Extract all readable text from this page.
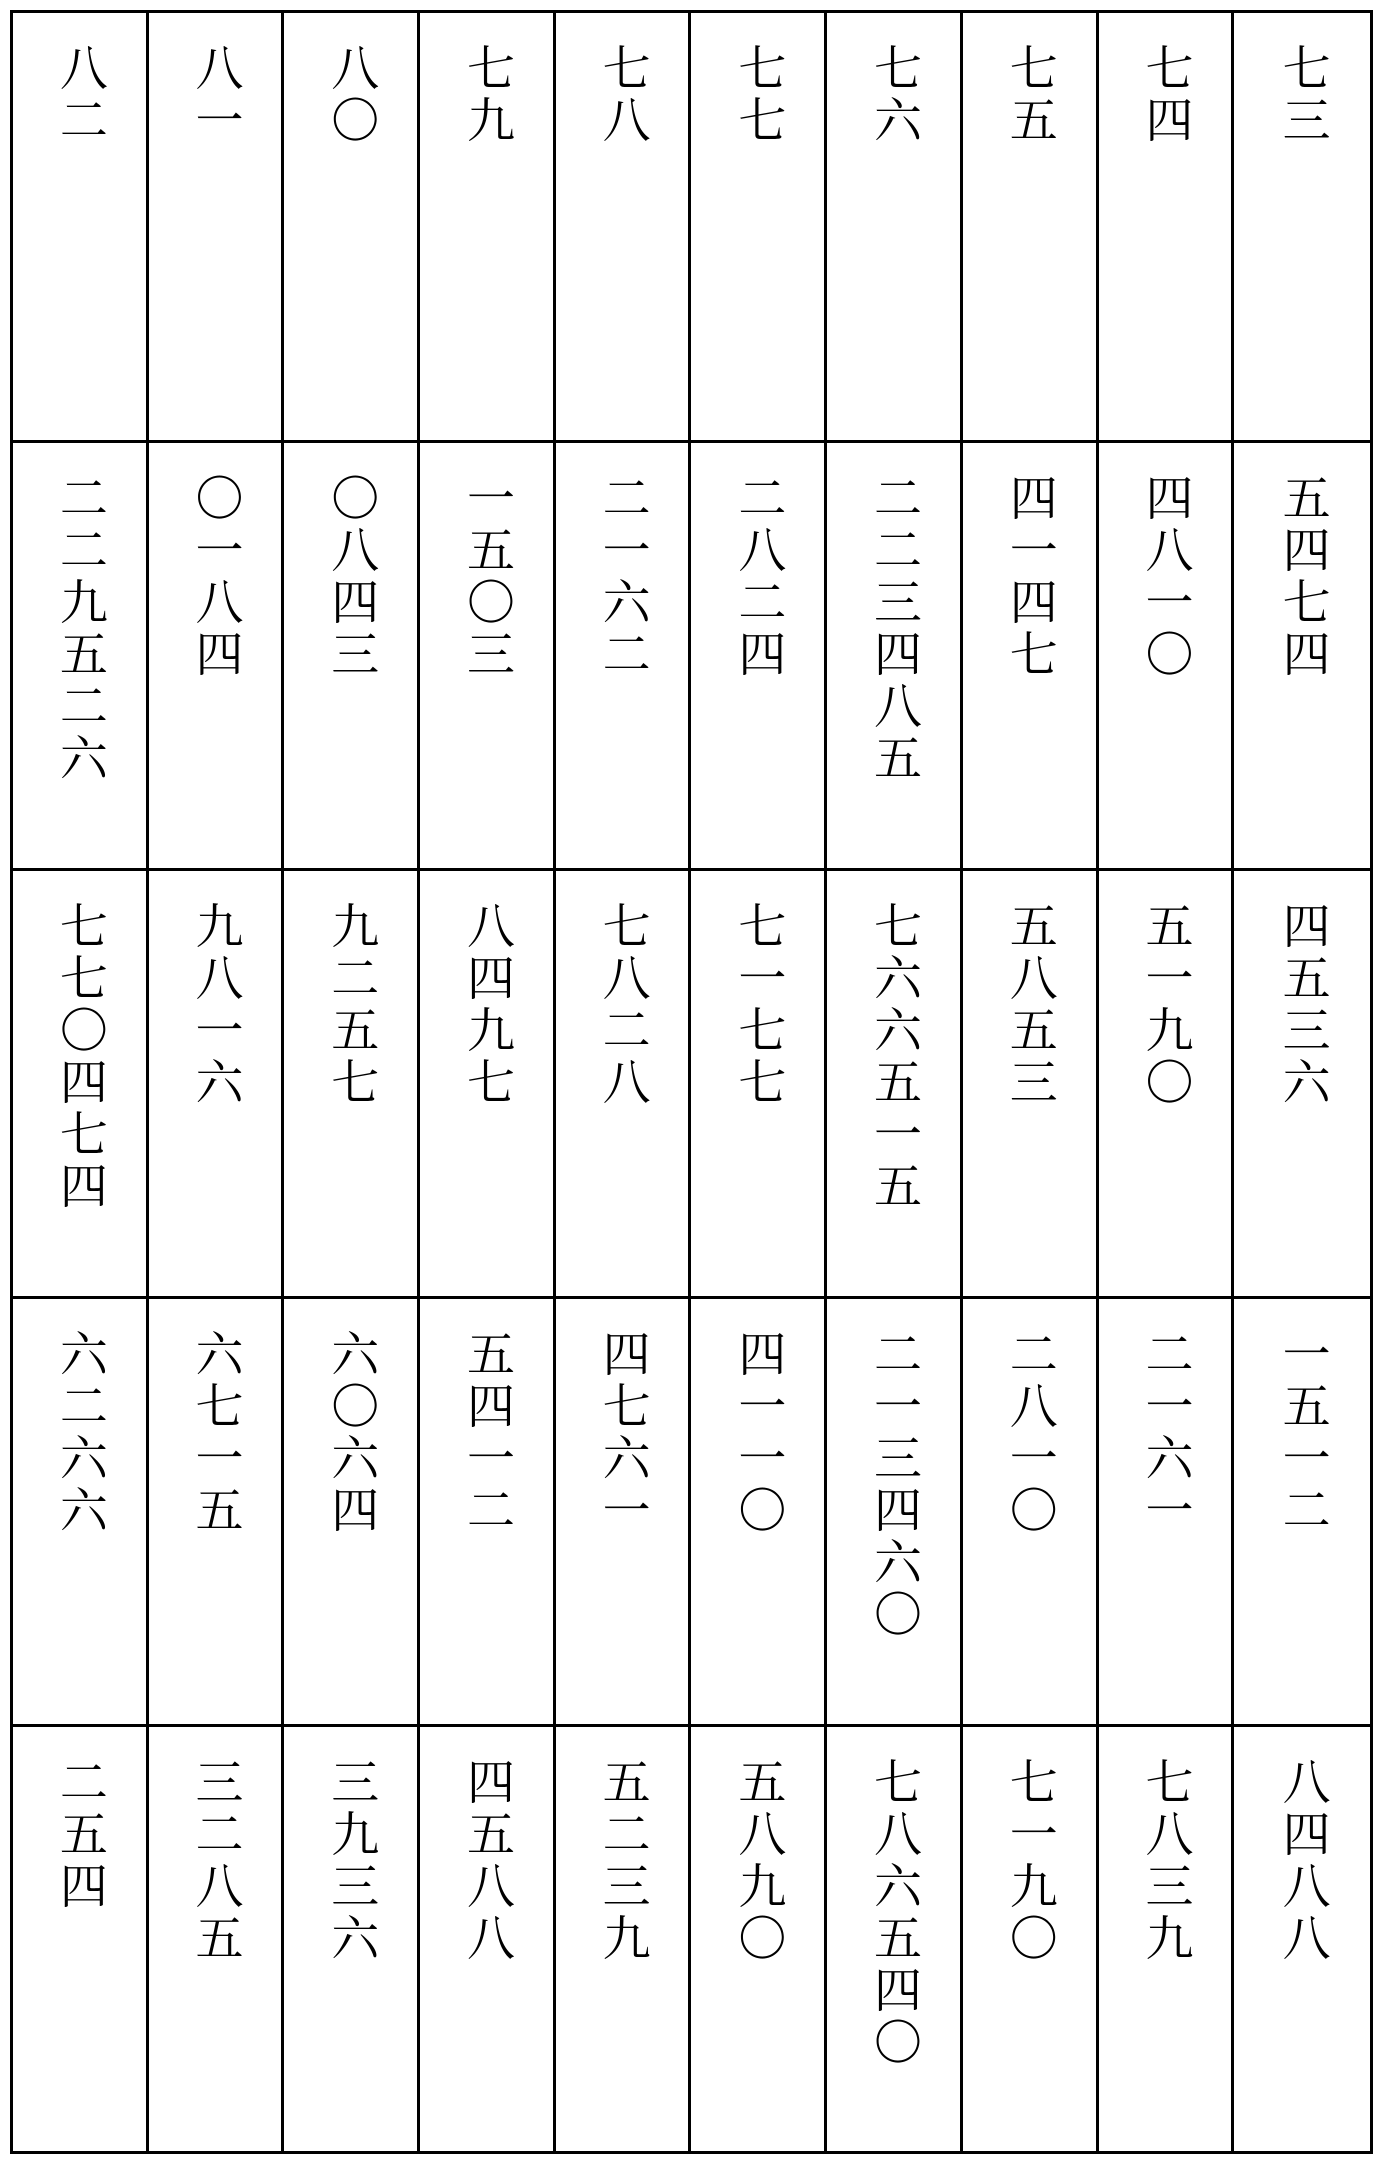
八二 八一 八〇 七九 七八 七七 七六 七五 七四 七三
二二九五二六 〇一八四 〇八四三 一五〇三 二一六二 二八二四 二二三四八五 四一四七 四八一〇 五四七四
七七〇四七四 九八一六 九二五七 八四九七 七八二八 七一七七 七六六五一五 五八五三 五一九〇 四五三六
六二六六 六七一五 六〇六四 五四一二 四七六一 四一一〇 二一三四六〇 二八一〇 二一六一 一五一二
二五四 三二八五 三九三六 四五八八 五二三九 五八九〇 七八六五四〇 七一九〇 七八三九 八四八八
